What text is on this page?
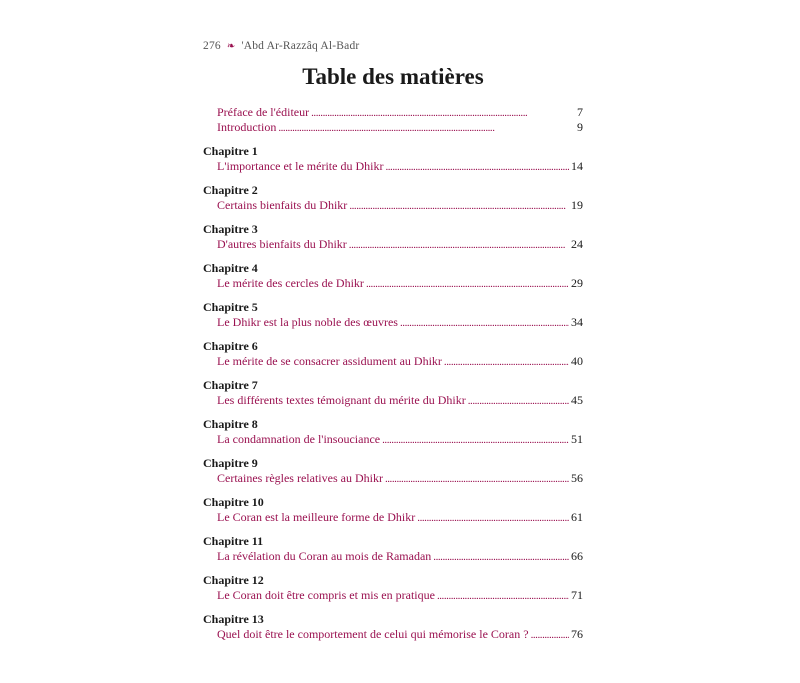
276 ❧ 'Abd Ar-Razzâq Al-Badr
Table des matières
Préface de l'éditeur . . .	7
Introduction . . .	9
Chapitre 1
L'importance et le mérite du Dhikr . . .	14
Chapitre 2
Certains bienfaits du Dhikr . . .	19
Chapitre 3
D'autres bienfaits du Dhikr . . .	24
Chapitre 4
Le mérite des cercles de Dhikr . . .	29
Chapitre 5
Le Dhikr est la plus noble des œuvres . . .	34
Chapitre 6
Le mérite de se consacrer assidument au Dhikr . . .	40
Chapitre 7
Les différents textes témoignant du mérite du Dhikr . . .	45
Chapitre 8
La condamnation de l'insouciance . . .	51
Chapitre 9
Certaines règles relatives au Dhikr . . .	56
Chapitre 10
Le Coran est la meilleure forme de Dhikr . . .	61
Chapitre 11
La révélation du Coran au mois de Ramadan . . .	66
Chapitre 12
Le Coran doit être compris et mis en pratique . . .	71
Chapitre 13
Quel doit être le comportement de celui qui mémorise le Coran ? . . .	76
